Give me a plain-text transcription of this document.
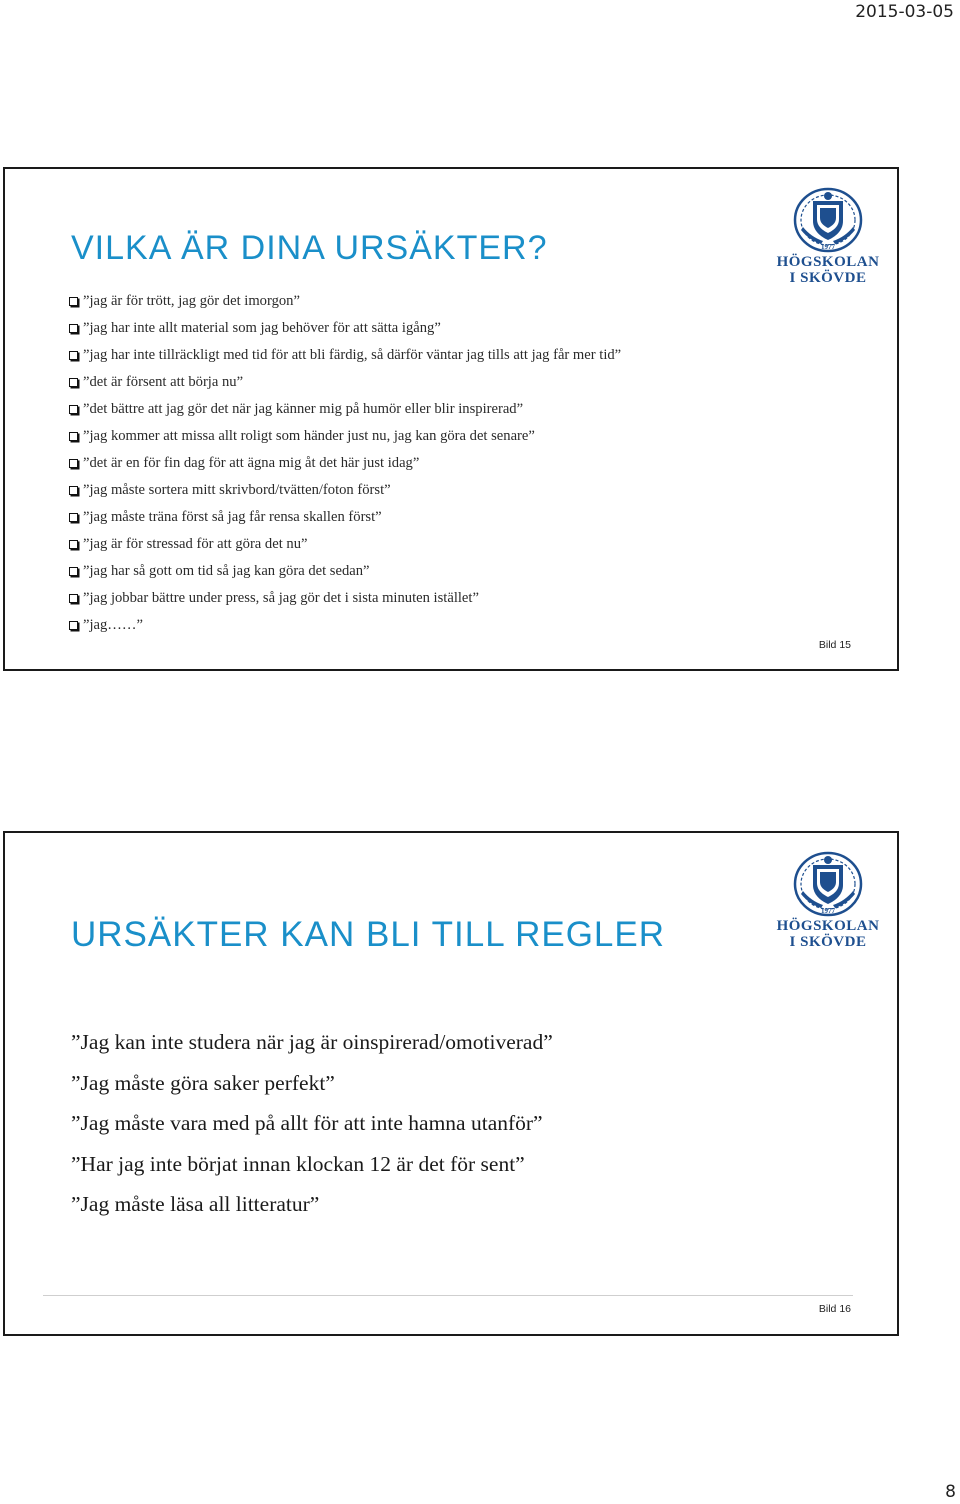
2015-03-05
1977
HÖGSKOLAN
I SKÖVDE
VILKA ÄR DINA URSÄKTER?
”jag är för trött, jag gör det imorgon”
”jag har inte allt material som jag behöver för att sätta igång”
”jag har inte tillräckligt med tid för att bli färdig, så därför väntar jag tills att jag får mer tid”
”det är försent att börja nu”
”det bättre att jag gör det när jag känner mig på humör eller blir inspirerad”
”jag kommer att missa allt roligt som händer just nu, jag kan göra det senare”
”det är en för fin dag för att ägna mig åt det här just idag”
”jag måste sortera mitt skrivbord/tvätten/foton först”
”jag måste träna först så jag får rensa skallen först”
”jag är för stressad för att göra det nu”
”jag har så gott om tid så jag kan göra det sedan”
”jag jobbar bättre under press, så jag gör det i sista minuten istället”
”jag……”
Bild 15
1977
HÖGSKOLAN
I SKÖVDE
URSÄKTER KAN BLI TILL REGLER
”Jag kan inte studera när jag är oinspirerad/omotiverad”
”Jag måste göra saker perfekt”
”Jag måste vara med på allt för att inte hamna utanför”
”Har jag inte börjat innan klockan 12 är det för sent”
”Jag måste läsa all litteratur”
Bild 16
8
